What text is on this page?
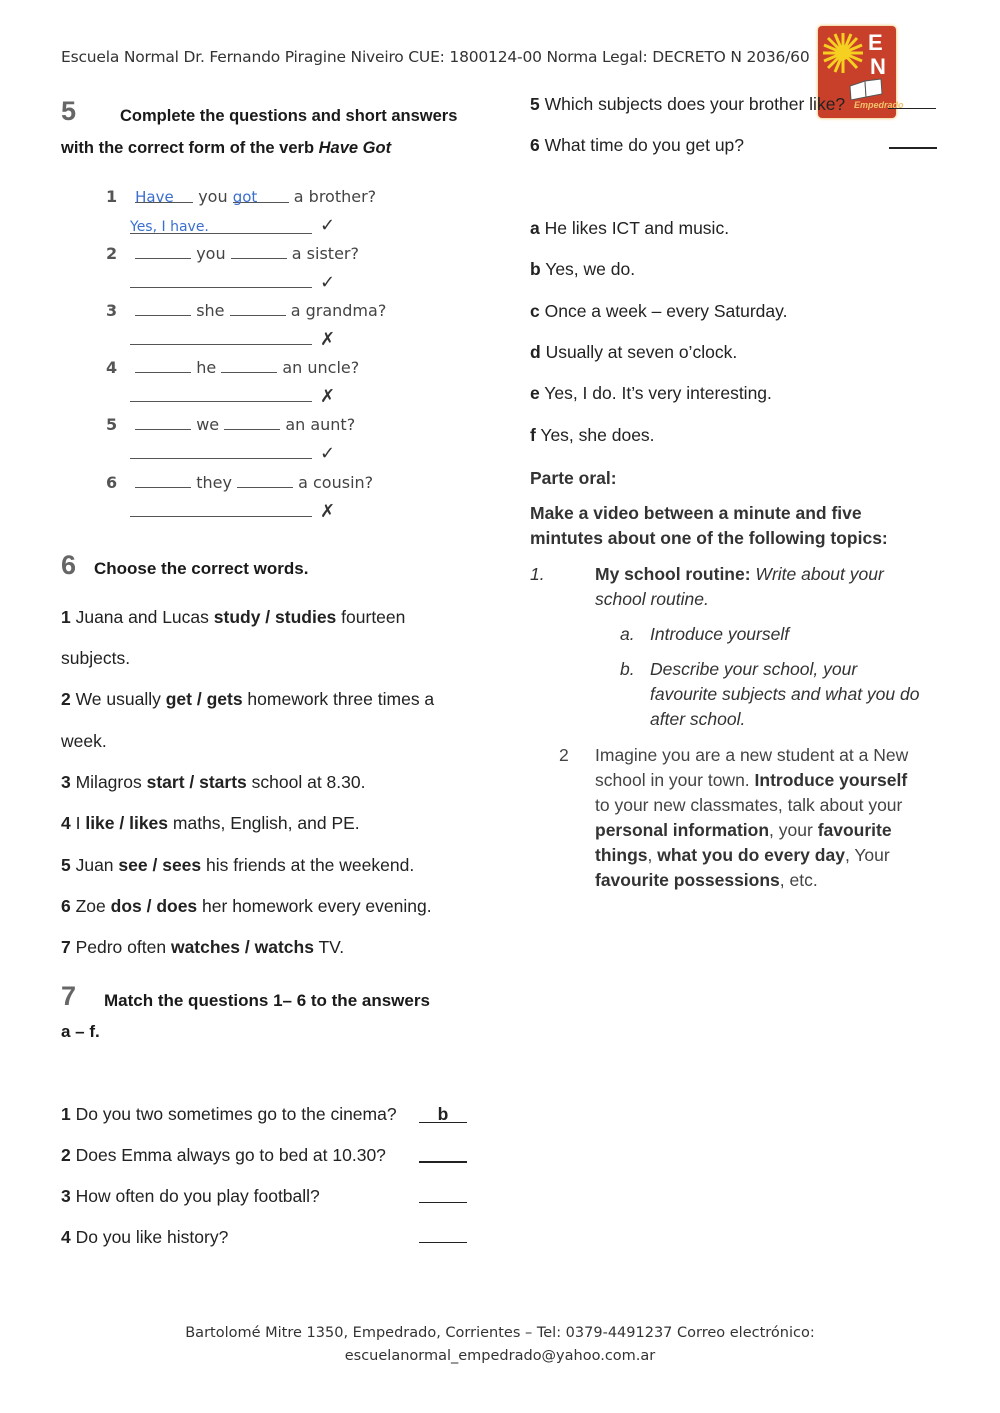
Escuela Normal Dr. Fernando Piragine Niveiro CUE: 1800124-00 Norma Legal: DECRETO N 2036/60
E
N
Empedrado
5	Complete the questions and short answers
with the correct form of the verb Have Got
1 Have you got a brother?
Yes, I have.	✓
2	you	a sister?
✓
3	she	a grandma?
✗
4	he	an uncle?
✗
5	we	an aunt?
✓
6	they	a cousin?
✗
6 Choose the correct words.
1 Juana and Lucas study / studies fourteen
subjects.
2 We usually get / gets homework three times a
week.
3 Milagros start / starts school at 8.30.
4 I like / likes maths, English, and PE.
5 Juan see / sees his friends at the weekend.
6 Zoe dos / does her homework every evening.
7 Pedro often watches / watchs TV.
7 Match the questions 1– 6 to the answers
a – f.
1 Do you two sometimes go to the cinema?	b
2 Does Emma always go to bed at 10.30?
3 How often do you play football?
4 Do you like history?
5 Which subjects does your brother like?
6 What time do you get up?
a He likes ICT and music.
b Yes, we do.
c Once a week – every Saturday.
d Usually at seven o’clock.
e Yes, I do. It’s very interesting.
f Yes, she does.
Parte oral:
Make a video between a minute and five
mintutes about one of the following topics:
1.	My school routine: Write about your
school routine.
a. Introduce yourself
b. Describe your school, your
favourite subjects and what you do
after school.
2 Imagine you are a new student at a New
school in your town. Introduce yourself
to your new classmates, talk about your
personal information, your favourite
things, what you do every day, Your
favourite possessions, etc.
Bartolomé Mitre 1350, Empedrado, Corrientes – Tel: 0379-4491237 Correo electrónico:
escuelanormal_empedrado@yahoo.com.ar
